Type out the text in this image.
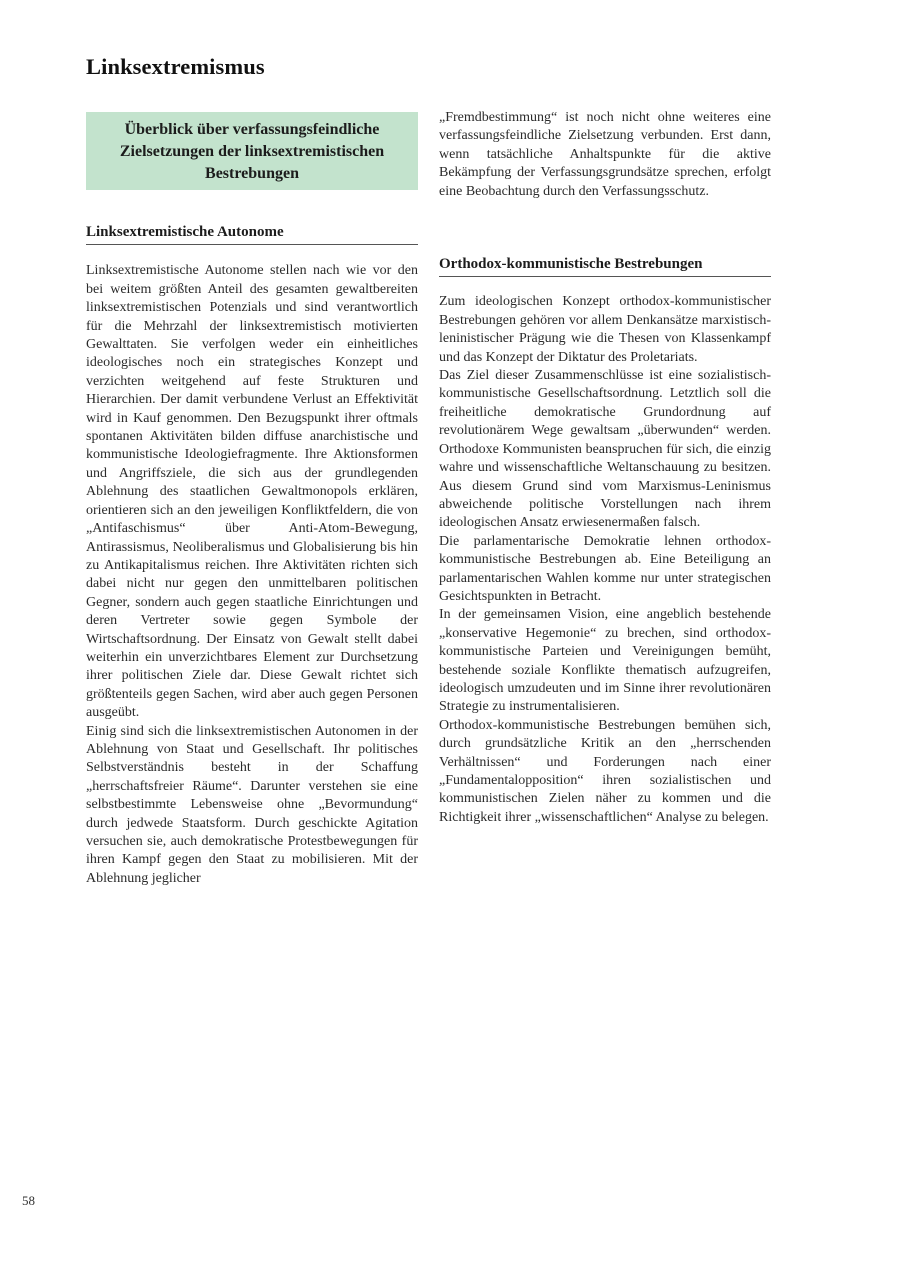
Linksextremismus
Überblick über verfassungsfeindliche Zielsetzungen der linksextremistischen Bestrebungen
Linksextremistische Autonome

Linksextremistische Autonome stellen nach wie vor den bei weitem größten Anteil des gesamten gewaltbereiten linksextremistischen Potenzials und sind verantwortlich für die Mehrzahl der linksextremistisch motivierten Gewalttaten. Sie verfolgen weder ein einheitliches ideologisches noch ein strategisches Konzept und verzichten weitgehend auf feste Strukturen und Hierarchien. Der damit verbundene Verlust an Effektivität wird in Kauf genommen. Den Bezugspunkt ihrer oftmals spontanen Aktivitäten bilden diffuse anarchistische und kommunistische Ideologiefragmente. Ihre Aktionsformen und Angriffsziele, die sich aus der grundlegenden Ablehnung des staatlichen Gewaltmonopols erklären, orientieren sich an den jeweiligen Konfliktfeldern, die von „Antifaschismus“ über Anti-Atom-Bewegung, Antirassismus, Neoliberalismus und Globalisierung bis hin zu Antikapitalismus reichen. Ihre Aktivitäten richten sich dabei nicht nur gegen den unmittelbaren politischen Gegner, sondern auch gegen staatliche Einrichtungen und deren Vertreter sowie gegen Symbole der Wirtschaftsordnung. Der Einsatz von Gewalt stellt dabei weiterhin ein unverzichtbares Element zur Durchsetzung ihrer politischen Ziele dar. Diese Gewalt richtet sich größtenteils gegen Sachen, wird aber auch gegen Personen ausgeübt.

Einig sind sich die linksextremistischen Autonomen in der Ablehnung von Staat und Gesellschaft. Ihr politisches Selbstverständnis besteht in der Schaffung „herrschaftsfreier Räume“. Darunter verstehen sie eine selbstbestimmte Lebensweise ohne „Bevormundung“ durch jedwede Staatsform. Durch geschickte Agitation versuchen sie, auch demokratische Protestbewegungen für ihren Kampf gegen den Staat zu mobilisieren. Mit der Ablehnung jeglicher

„Fremdbestimmung“ ist noch nicht ohne weiteres eine verfassungsfeindliche Zielsetzung verbunden. Erst dann, wenn tatsächliche Anhaltspunkte für die aktive Bekämpfung der Verfassungsgrundsätze sprechen, erfolgt eine Beobachtung durch den Verfassungsschutz.

Orthodox-kommunistische Bestrebungen

Zum ideologischen Konzept orthodox-kommunistischer Bestrebungen gehören vor allem Denkansätze marxistisch-leninistischer Prägung wie die Thesen von Klassenkampf und das Konzept der Diktatur des Proletariats.

Das Ziel dieser Zusammenschlüsse ist eine sozialistisch-kommunistische Gesellschaftsordnung. Letztlich soll die freiheitliche demokratische Grundordnung auf revolutionärem Wege gewaltsam „überwunden“ werden. Orthodoxe Kommunisten beanspruchen für sich, die einzig wahre und wissenschaftliche Weltanschauung zu besitzen. Aus diesem Grund sind vom Marxismus-Leninismus abweichende politische Vorstellungen nach ihrem ideologischen Ansatz erwiesenermaßen falsch.

Die parlamentarische Demokratie lehnen orthodox-kommunistische Bestrebungen ab. Eine Beteiligung an parlamentarischen Wahlen komme nur unter strategischen Gesichtspunkten in Betracht.

In der gemeinsamen Vision, eine angeblich bestehende „konservative Hegemonie“ zu brechen, sind orthodox-kommunistische Parteien und Vereinigungen bemüht, bestehende soziale Konflikte thematisch aufzugreifen, ideologisch umzudeuten und im Sinne ihrer revolutionären Strategie zu instrumentalisieren.

Orthodox-kommunistische Bestrebungen bemühen sich, durch grundsätzliche Kritik an den „herrschenden Verhältnissen“ und Forderungen nach einer „Fundamentalopposition“ ihren sozialistischen und kommunistischen Zielen näher zu kommen und die Richtigkeit ihrer „wissenschaftlichen“ Analyse zu belegen.

58
